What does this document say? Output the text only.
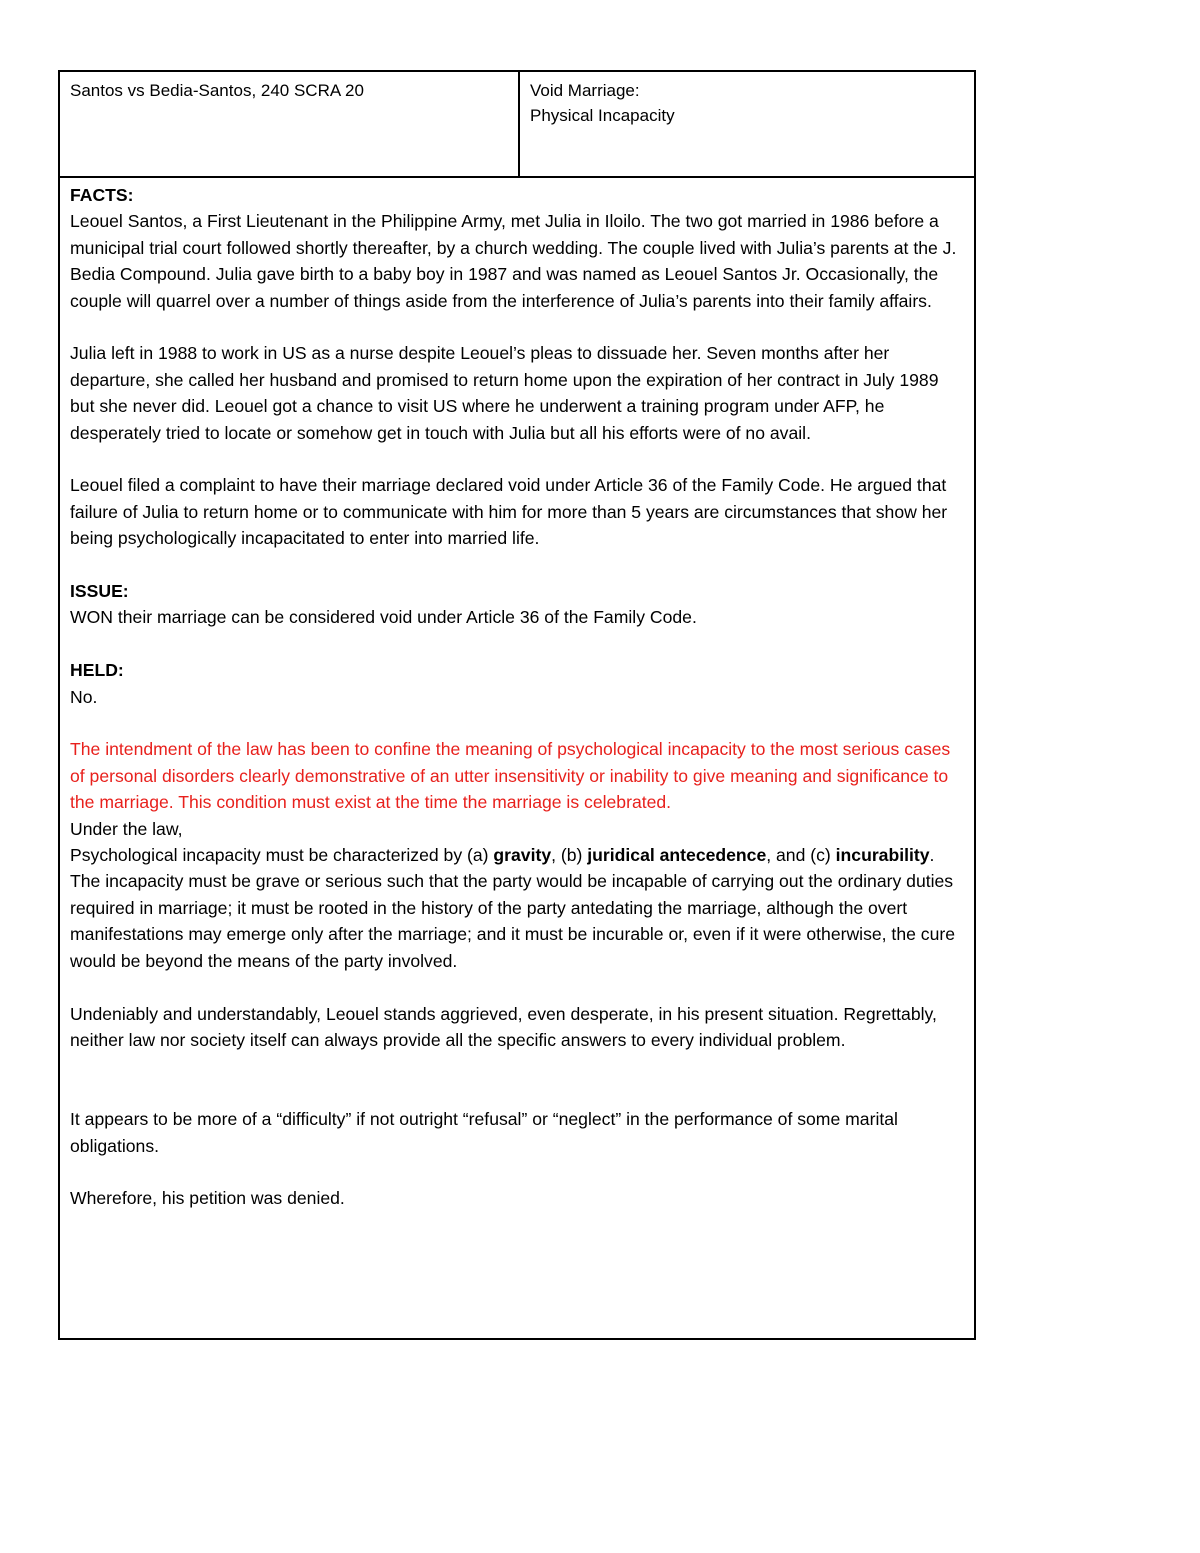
Santos vs Bedia-Santos, 240 SCRA 20	Void Marriage:
Physical Incapacity

FACTS:

Leouel Santos, a First Lieutenant in the Philippine Army, met Julia in Iloilo. The two got married in 1986 before a municipal trial court followed shortly thereafter, by a church wedding. The couple lived with Julia’s parents at the J. Bedia Compound. Julia gave birth to a baby boy in 1987 and was named as Leouel Santos Jr. Occasionally, the couple will quarrel over a number of things aside from the interference of Julia’s parents into their family affairs.

Julia left in 1988 to work in US as a nurse despite Leouel’s pleas to dissuade her. Seven months after her departure, she called her husband and promised to return home upon the expiration of her contract in July 1989 but she never did. Leouel got a chance to visit US where he underwent a training program under AFP, he desperately tried to locate or somehow get in touch with Julia but all his efforts were of no avail.

Leouel filed a complaint to have their marriage declared void under Article 36 of the Family Code. He argued that failure of Julia to return home or to communicate with him for more than 5 years are circumstances that show her being psychologically incapacitated to enter into married life.

ISSUE:

WON their marriage can be considered void under Article 36 of the Family Code.

HELD:

No.

The intendment of the law has been to confine the meaning of psychological incapacity to the most serious cases of personal disorders clearly demonstrative of an utter insensitivity or inability to give meaning and significance to the marriage. This condition must exist at the time the marriage is celebrated.

Under the law,

Psychological incapacity must be characterized by (a) gravity, (b) juridical antecedence, and (c) incurability. The incapacity must be grave or serious such that the party would be incapable of carrying out the ordinary duties required in marriage; it must be rooted in the history of the party antedating the marriage, although the overt manifestations may emerge only after the marriage; and it must be incurable or, even if it were otherwise, the cure would be beyond the means of the party involved.

Undeniably and understandably, Leouel stands aggrieved, even desperate, in his present situation. Regrettably, neither law nor society itself can always provide all the specific answers to every individual problem.

It appears to be more of a “difficulty” if not outright “refusal” or “neglect” in the performance of some marital obligations.

Wherefore, his petition was denied.
